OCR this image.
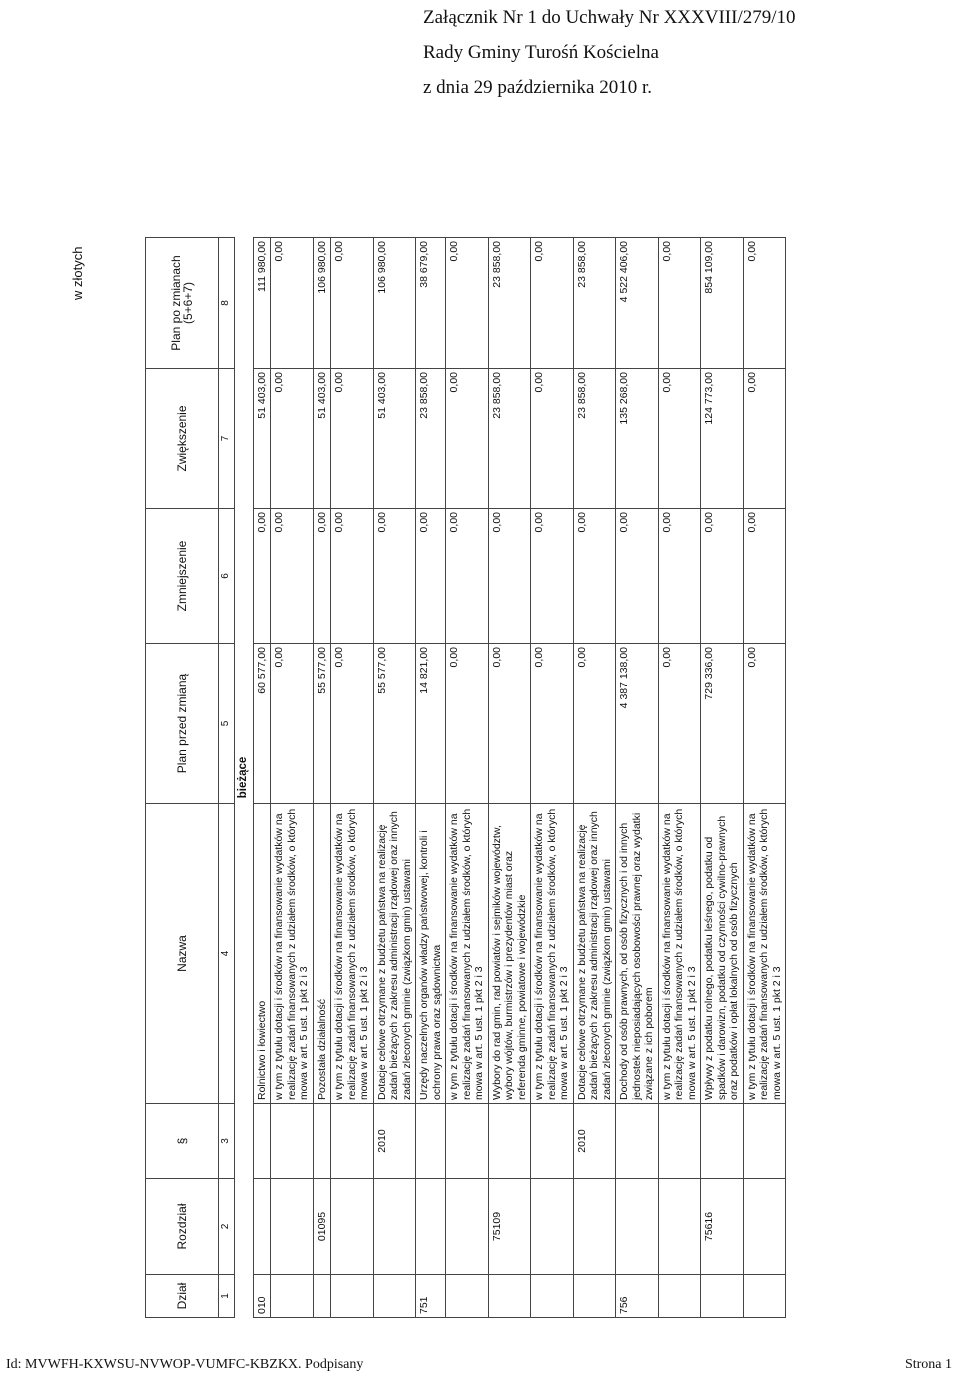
Załącznik Nr 1 do Uchwały Nr XXXVIII/279/10
Rady Gminy Turośń Kościelna
z dnia 29 października 2010 r.
w złotych
Dział	Rozdział	§	Nazwa	Plan przed zmianą	Zmniejszenie	Zwiększenie	Plan po zmianach (5+6+7)
1	2	3	4	5	6	7	8
bieżące							
010			Rolnictwo i łowiectwo	60 577,00	0,00	51 403,00	111 980,00
			w tym z tytułu dotacji i środków na finansowanie wydatków na realizację zadań finansowanych z udziałem środków, o których mowa w art. 5 ust. 1 pkt 2 i 3	0,00	0,00	0,00	0,00
	01095		Pozostała działalność	55 577,00	0,00	51 403,00	106 980,00
			w tym z tytułu dotacji i środków na finansowanie wydatków na realizację zadań finansowanych z udziałem środków, o których mowa w art. 5 ust. 1 pkt 2 i 3	0,00	0,00	0,00	0,00
		2010	Dotacje celowe otrzymane z budżetu państwa na realizację zadań bieżących z zakresu administracji rządowej oraz innych zadań zleconych gminie (związkom gmin) ustawami	55 577,00	0,00	51 403,00	106 980,00
751			Urzędy naczelnych organów władzy państwowej, kontroli i ochrony prawa oraz sądownictwa	14 821,00	0,00	23 858,00	38 679,00
			w tym z tytułu dotacji i środków na finansowanie wydatków na realizację zadań finansowanych z udziałem środków, o których mowa w art. 5 ust. 1 pkt 2 i 3	0,00	0,00	0,00	0,00
	75109		Wybory do rad gmin, rad powiatów i sejmików województw, wybory wójtów, burmistrzów i prezydentów miast oraz referenda gminne, powiatowe i wojewódzkie	0,00	0,00	23 858,00	23 858,00
			w tym z tytułu dotacji i środków na finansowanie wydatków na realizację zadań finansowanych z udziałem środków, o których mowa w art. 5 ust. 1 pkt 2 i 3	0,00	0,00	0,00	0,00
		2010	Dotacje celowe otrzymane z budżetu państwa na realizację zadań bieżących z zakresu administracji rządowej oraz innych zadań zleconych gminie (związkom gmin) ustawami	0,00	0,00	23 858,00	23 858,00
756			Dochody od osób prawnych, od osób fizycznych i od innych jednostek nieposiadających osobowości prawnej oraz wydatki związane z ich poborem	4 387 138,00	0,00	135 268,00	4 522 406,00
			w tym z tytułu dotacji i środków na finansowanie wydatków na realizację zadań finansowanych z udziałem środków, o których mowa w art. 5 ust. 1 pkt 2 i 3	0,00	0,00	0,00	0,00
	75616		Wpływy z podatku rolnego, podatku leśnego, podatku od spadków i darowizn, podatku od czynności cywilno-prawnych oraz podatków i opłat lokalnych od osób fizycznych	729 336,00	0,00	124 773,00	854 109,00
			w tym z tytułu dotacji i środków na finansowanie wydatków na realizację zadań finansowanych z udziałem środków, o których mowa w art. 5 ust. 1 pkt 2 i 3	0,00	0,00	0,00	0,00
Id: MVWFH-KXWSU-NVWOP-VUMFC-KBZKX. Podpisany	Strona 1
